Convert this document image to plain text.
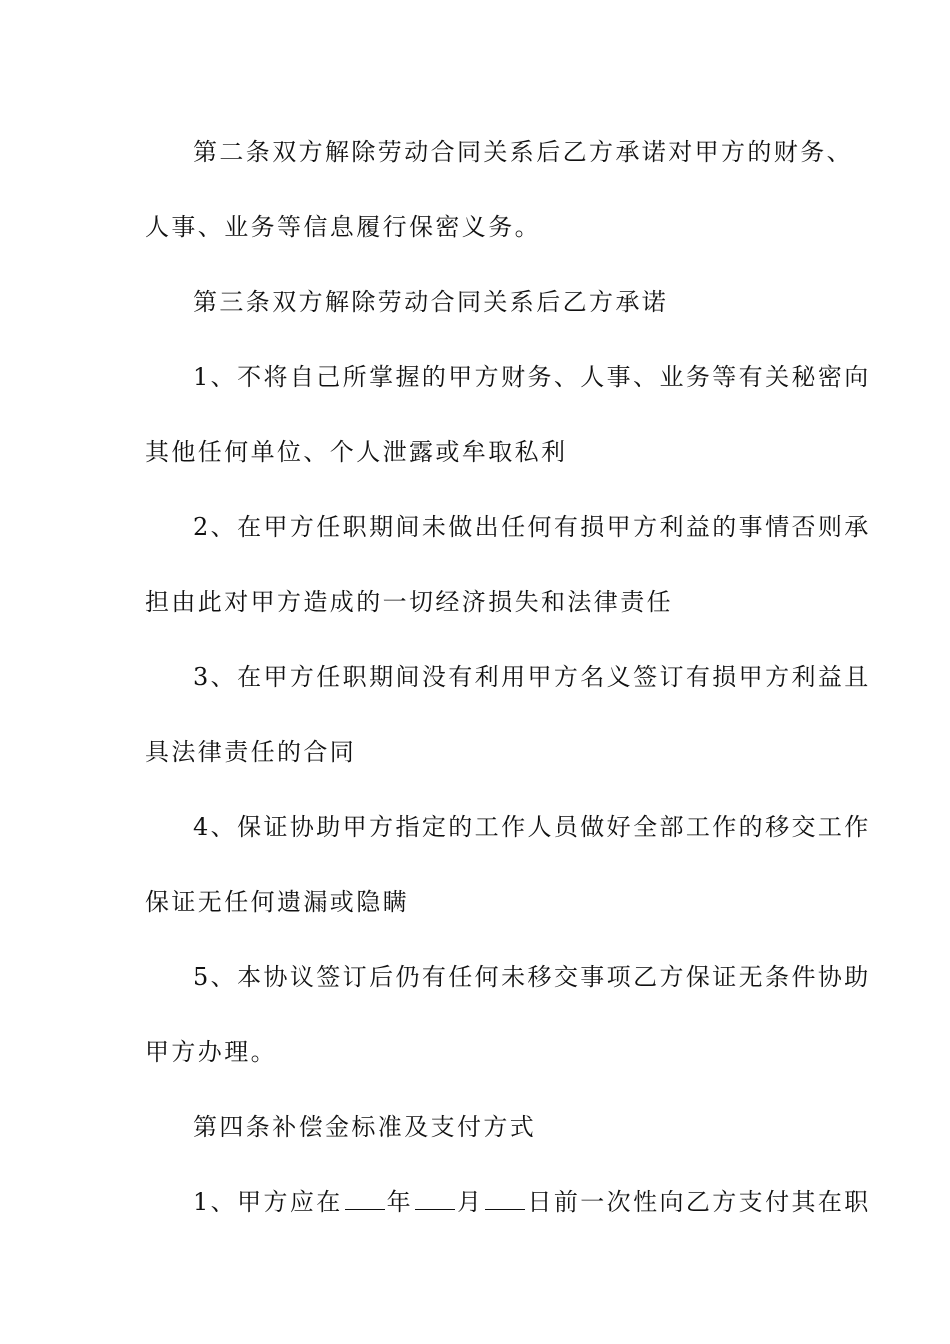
第二条双方解除劳动合同关系后乙方承诺对甲方的财务、
人事、业务等信息履行保密义务。
第三条双方解除劳动合同关系后乙方承诺
1、不将自己所掌握的甲方财务、人事、业务等有关秘密向
其他任何单位、个人泄露或牟取私利
2、在甲方任职期间未做出任何有损甲方利益的事情否则承
担由此对甲方造成的一切经济损失和法律责任
3、在甲方任职期间没有利用甲方名义签订有损甲方利益且
具法律责任的合同
4、保证协助甲方指定的工作人员做好全部工作的移交工作
保证无任何遗漏或隐瞒
5、本协议签订后仍有任何未移交事项乙方保证无条件协助
甲方办理。
第四条补偿金标准及支付方式
1、甲方应在 年 月 日前一次性向乙方支付其在职
